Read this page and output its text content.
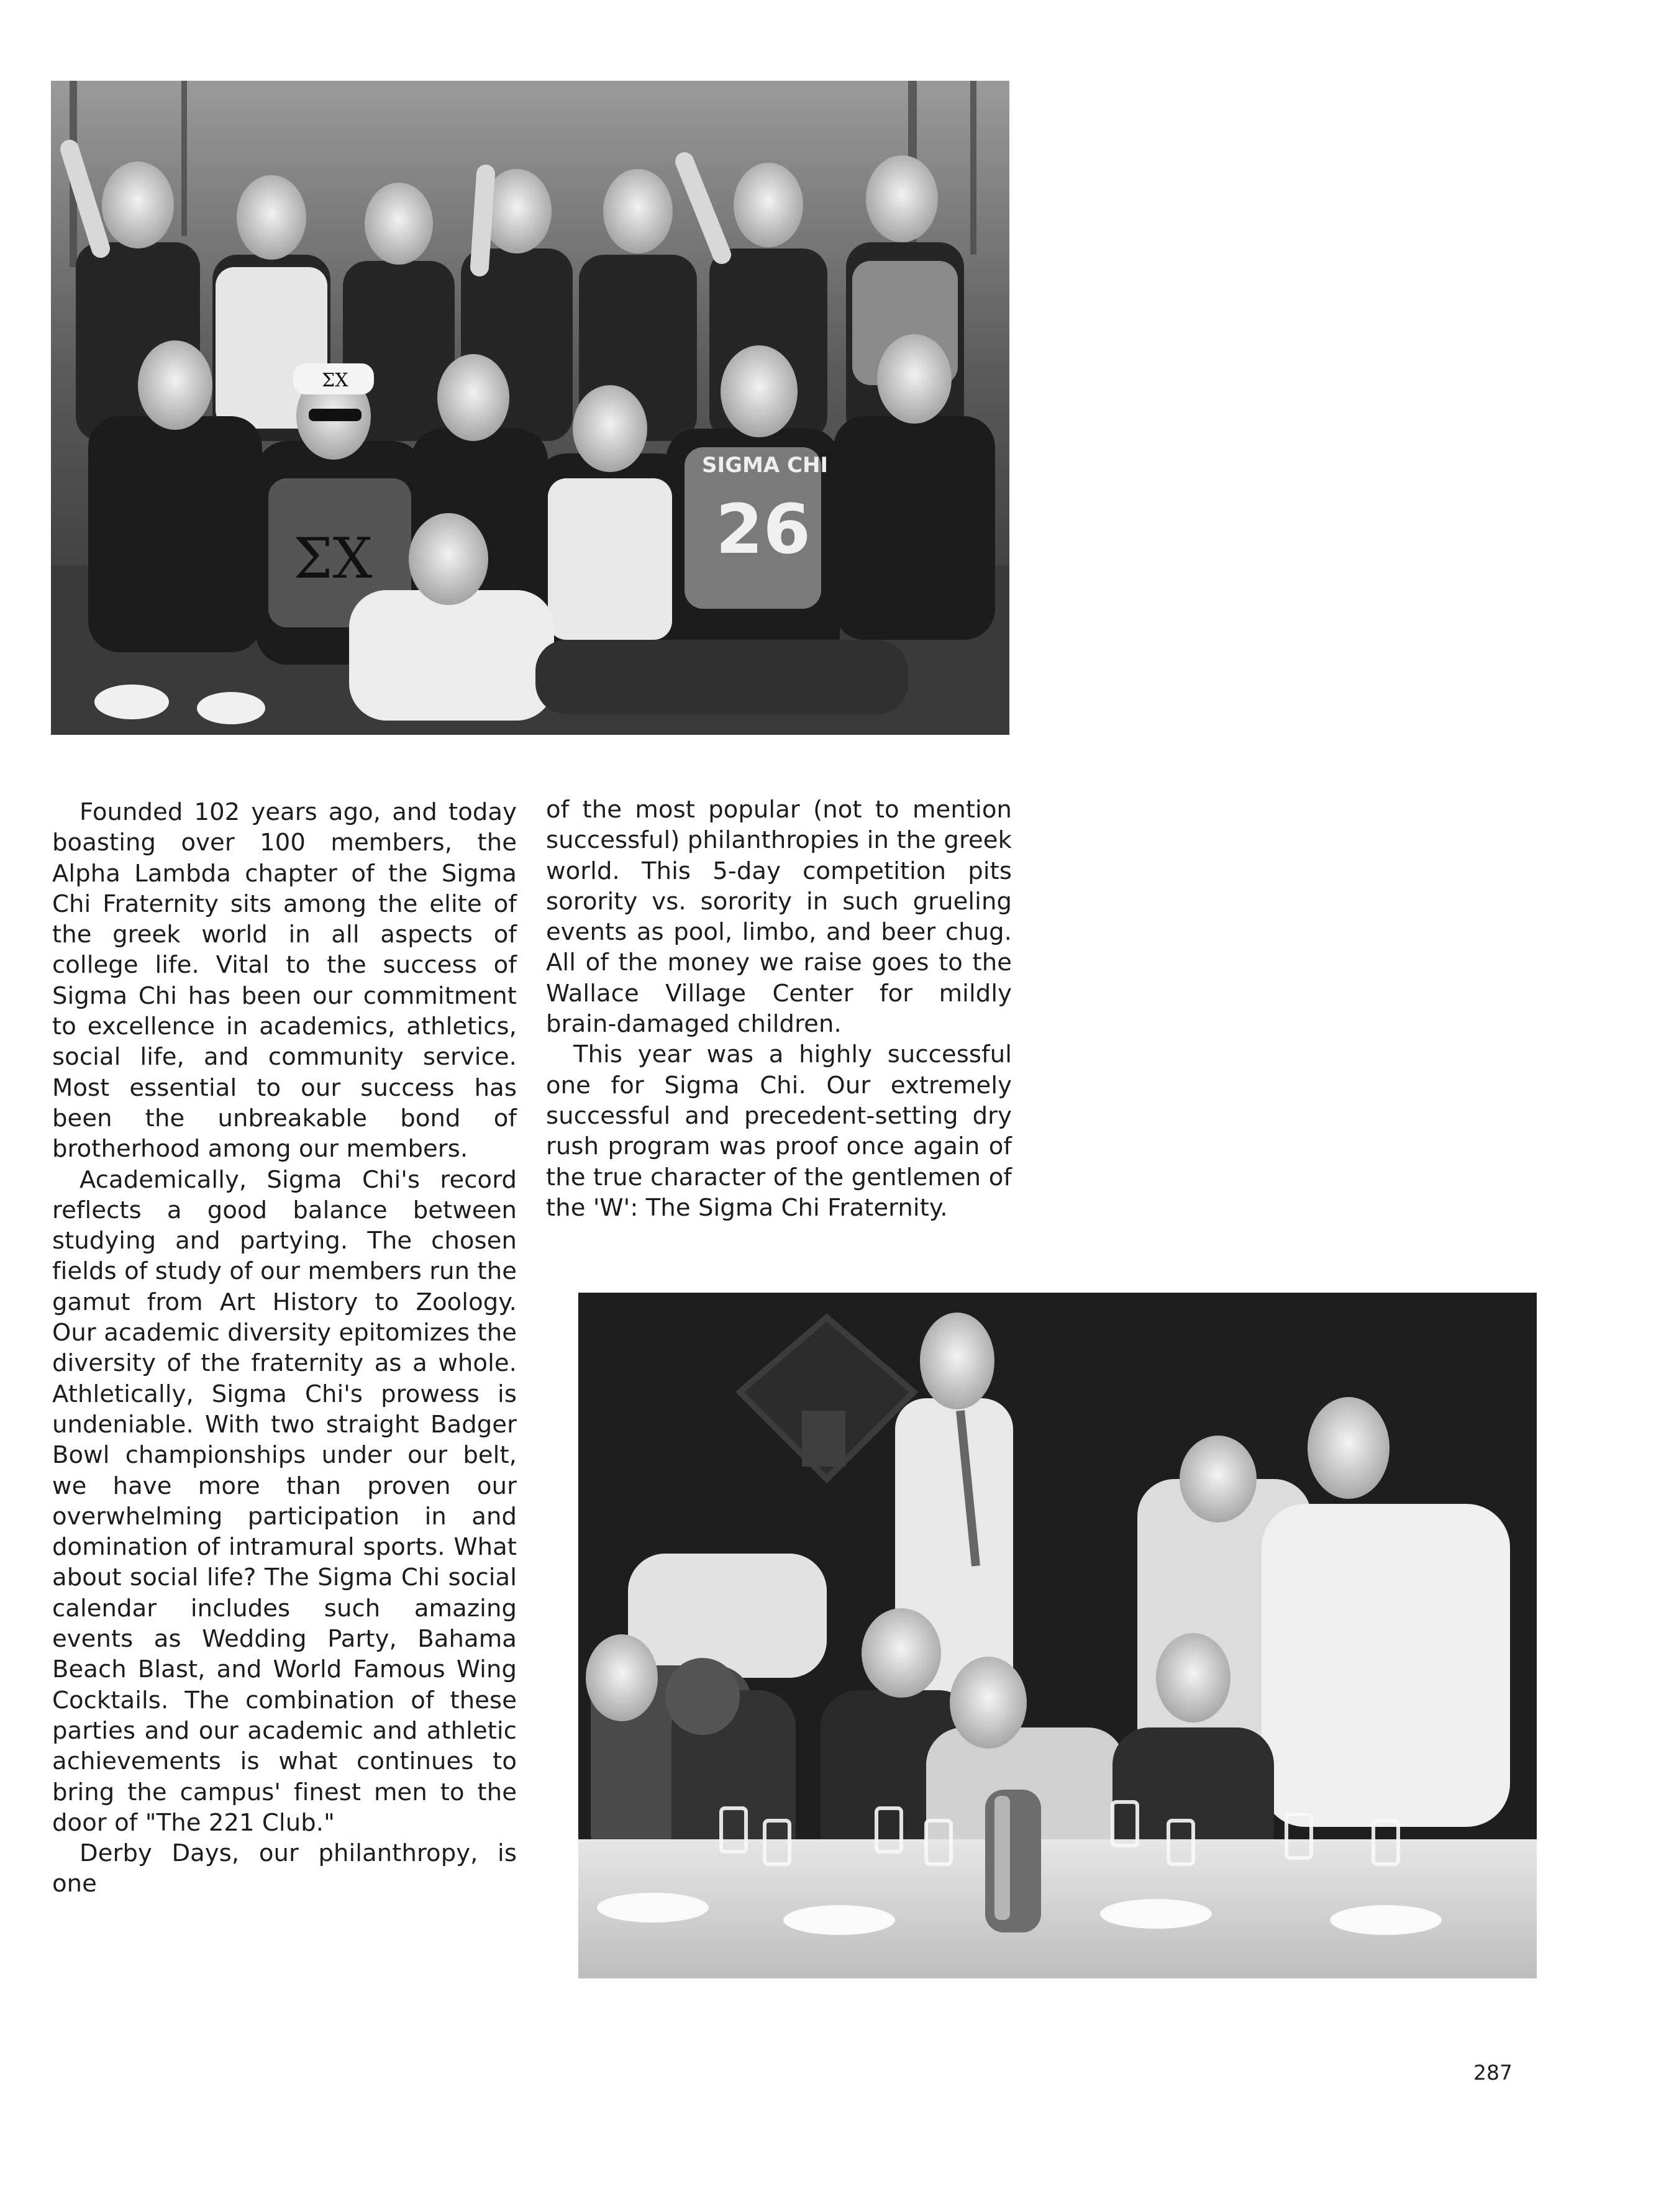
ΣX
ΣX
SIGMA CHI
26

Founded 102 years ago, and today boasting over 100 members, the Alpha Lambda chapter of the Sigma Chi Fraternity sits among the elite of the greek world in all aspects of college life. Vital to the success of Sigma Chi has been our commitment to excellence in academics, athletics, social life, and community service. Most essential to our success has been the unbreakable bond of brotherhood among our members.

Academically, Sigma Chi's record reflects a good balance between studying and partying. The chosen fields of study of our members run the gamut from Art History to Zoology. Our academic diversity epitomizes the diversity of the fraternity as a whole. Athletically, Sigma Chi's prowess is undeniable. With two straight Badger Bowl championships under our belt, we have more than proven our overwhelming participation in and domination of intramural sports. What about social life? The Sigma Chi social calendar includes such amazing events as Wedding Party, Bahama Beach Blast, and World Famous Wing Cocktails. The combination of these parties and our academic and athletic achievements is what continues to bring the campus' finest men to the door of "The 221 Club."

Derby Days, our philanthropy, is one

of the most popular (not to mention successful) philanthropies in the greek world. This 5-day competition pits sorority vs. sorority in such grueling events as pool, limbo, and beer chug. All of the money we raise goes to the Wallace Village Center for mildly brain-damaged children.

This year was a highly successful one for Sigma Chi. Our extremely successful and precedent-setting dry rush program was proof once again of the true character of the gentlemen of the 'W': The Sigma Chi Fraternity.

287
